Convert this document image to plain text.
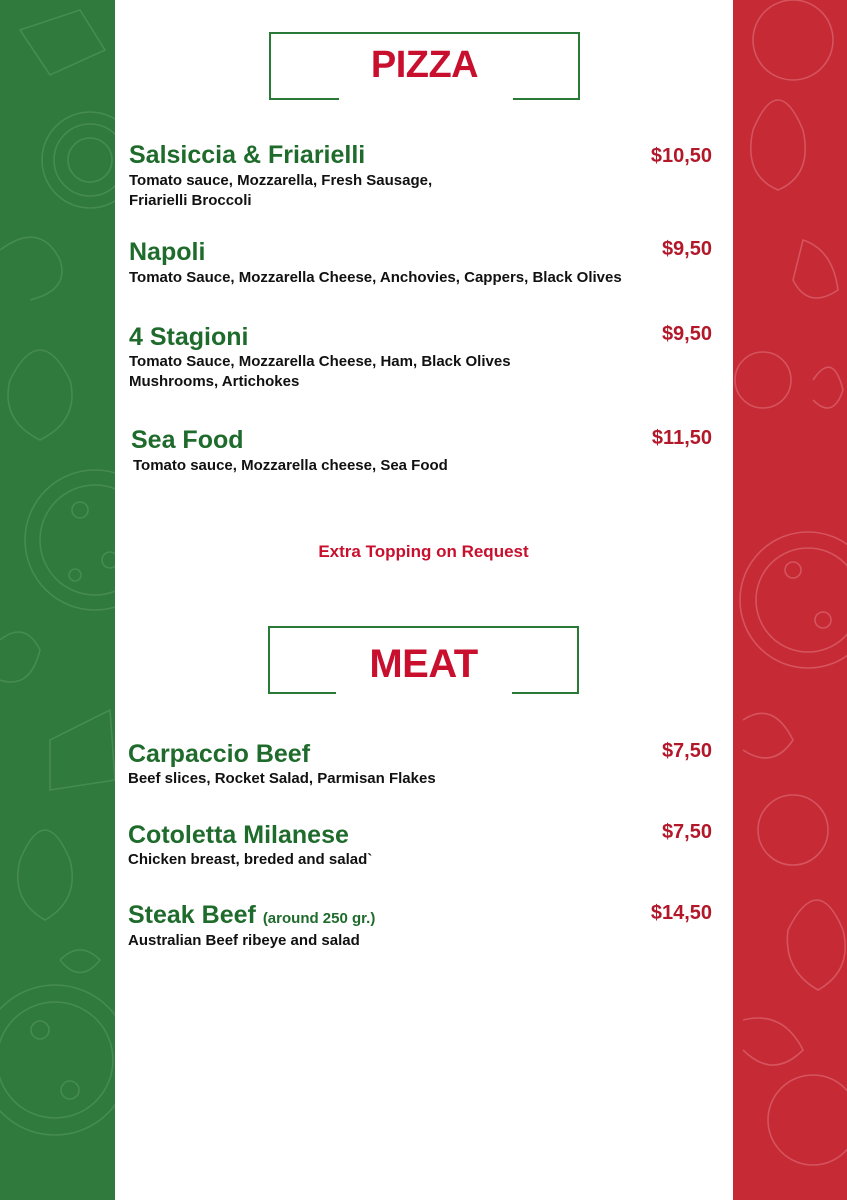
PIZZA
Salsiccia & Friarielli	$10,50
Tomato sauce, Mozzarella, Fresh Sausage,
Friarielli Broccoli
Napoli	$9,50
Tomato Sauce, Mozzarella Cheese, Anchovies, Cappers, Black Olives
4 Stagioni	$9,50
Tomato Sauce, Mozzarella Cheese, Ham, Black Olives
Mushrooms, Artichokes
Sea Food	$11,50
Tomato sauce, Mozzarella cheese, Sea Food
Extra Topping on Request
MEAT
Carpaccio Beef	$7,50
Beef slices, Rocket Salad, Parmisan Flakes
Cotoletta Milanese	$7,50
Chicken breast, breded and salad`
Steak Beef (around 250 gr.)	$14,50
Australian Beef ribeye and salad
